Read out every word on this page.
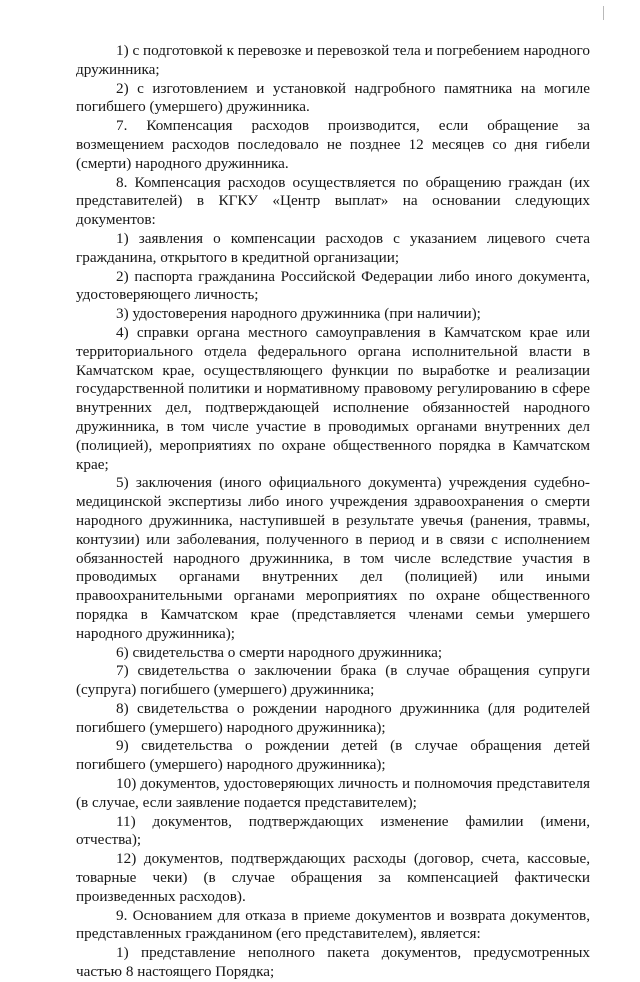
1) с подготовкой к перевозке и перевозкой тела и погребением народного дружинника;

2) с изготовлением и установкой надгробного памятника на могиле погибшего (умершего) дружинника.

7. Компенсация расходов производится, если обращение за возмещением расходов последовало не позднее 12 месяцев со дня гибели (смерти) народного дружинника.

8. Компенсация расходов осуществляется по обращению граждан (их представителей) в КГКУ «Центр выплат» на основании следующих документов:

1) заявления о компенсации расходов с указанием лицевого счета гражданина, открытого в кредитной организации;

2) паспорта гражданина Российской Федерации либо иного документа, удостоверяющего личность;

3) удостоверения народного дружинника (при наличии);

4) справки органа местного самоуправления в Камчатском крае или территориального отдела федерального органа исполнительной власти в Камчатском крае, осуществляющего функции по выработке и реализации государственной политики и нормативному правовому регулированию в сфере внутренних дел, подтверждающей исполнение обязанностей народного дружинника, в том числе участие в проводимых органами внутренних дел (полицией), мероприятиях по охране общественного порядка в Камчатском крае;

5) заключения (иного официального документа) учреждения судебно-медицинской экспертизы либо иного учреждения здравоохранения о смерти народного дружинника, наступившей в результате увечья (ранения, травмы, контузии) или заболевания, полученного в период и в связи с исполнением обязанностей народного дружинника, в том числе вследствие участия в проводимых органами внутренних дел (полицией) или иными правоохранительными органами мероприятиях по охране общественного порядка в Камчатском крае (представляется членами семьи умершего народного дружинника);

6) свидетельства о смерти народного дружинника;

7) свидетельства о заключении брака (в случае обращения супруги (супруга) погибшего (умершего) дружинника;

8) свидетельства о рождении народного дружинника (для родителей погибшего (умершего) народного дружинника);

9) свидетельства о рождении детей (в случае обращения детей погибшего (умершего) народного дружинника);

10) документов, удостоверяющих личность и полномочия представителя (в случае, если заявление подается представителем);

11) документов, подтверждающих изменение фамилии (имени, отчества);

12) документов, подтверждающих расходы (договор, счета, кассовые, товарные чеки) (в случае обращения за компенсацией фактически произведенных расходов).

9. Основанием для отказа в приеме документов и возврата документов, представленных гражданином (его представителем), является:

1) представление неполного пакета документов, предусмотренных частью 8 настоящего Порядка;
